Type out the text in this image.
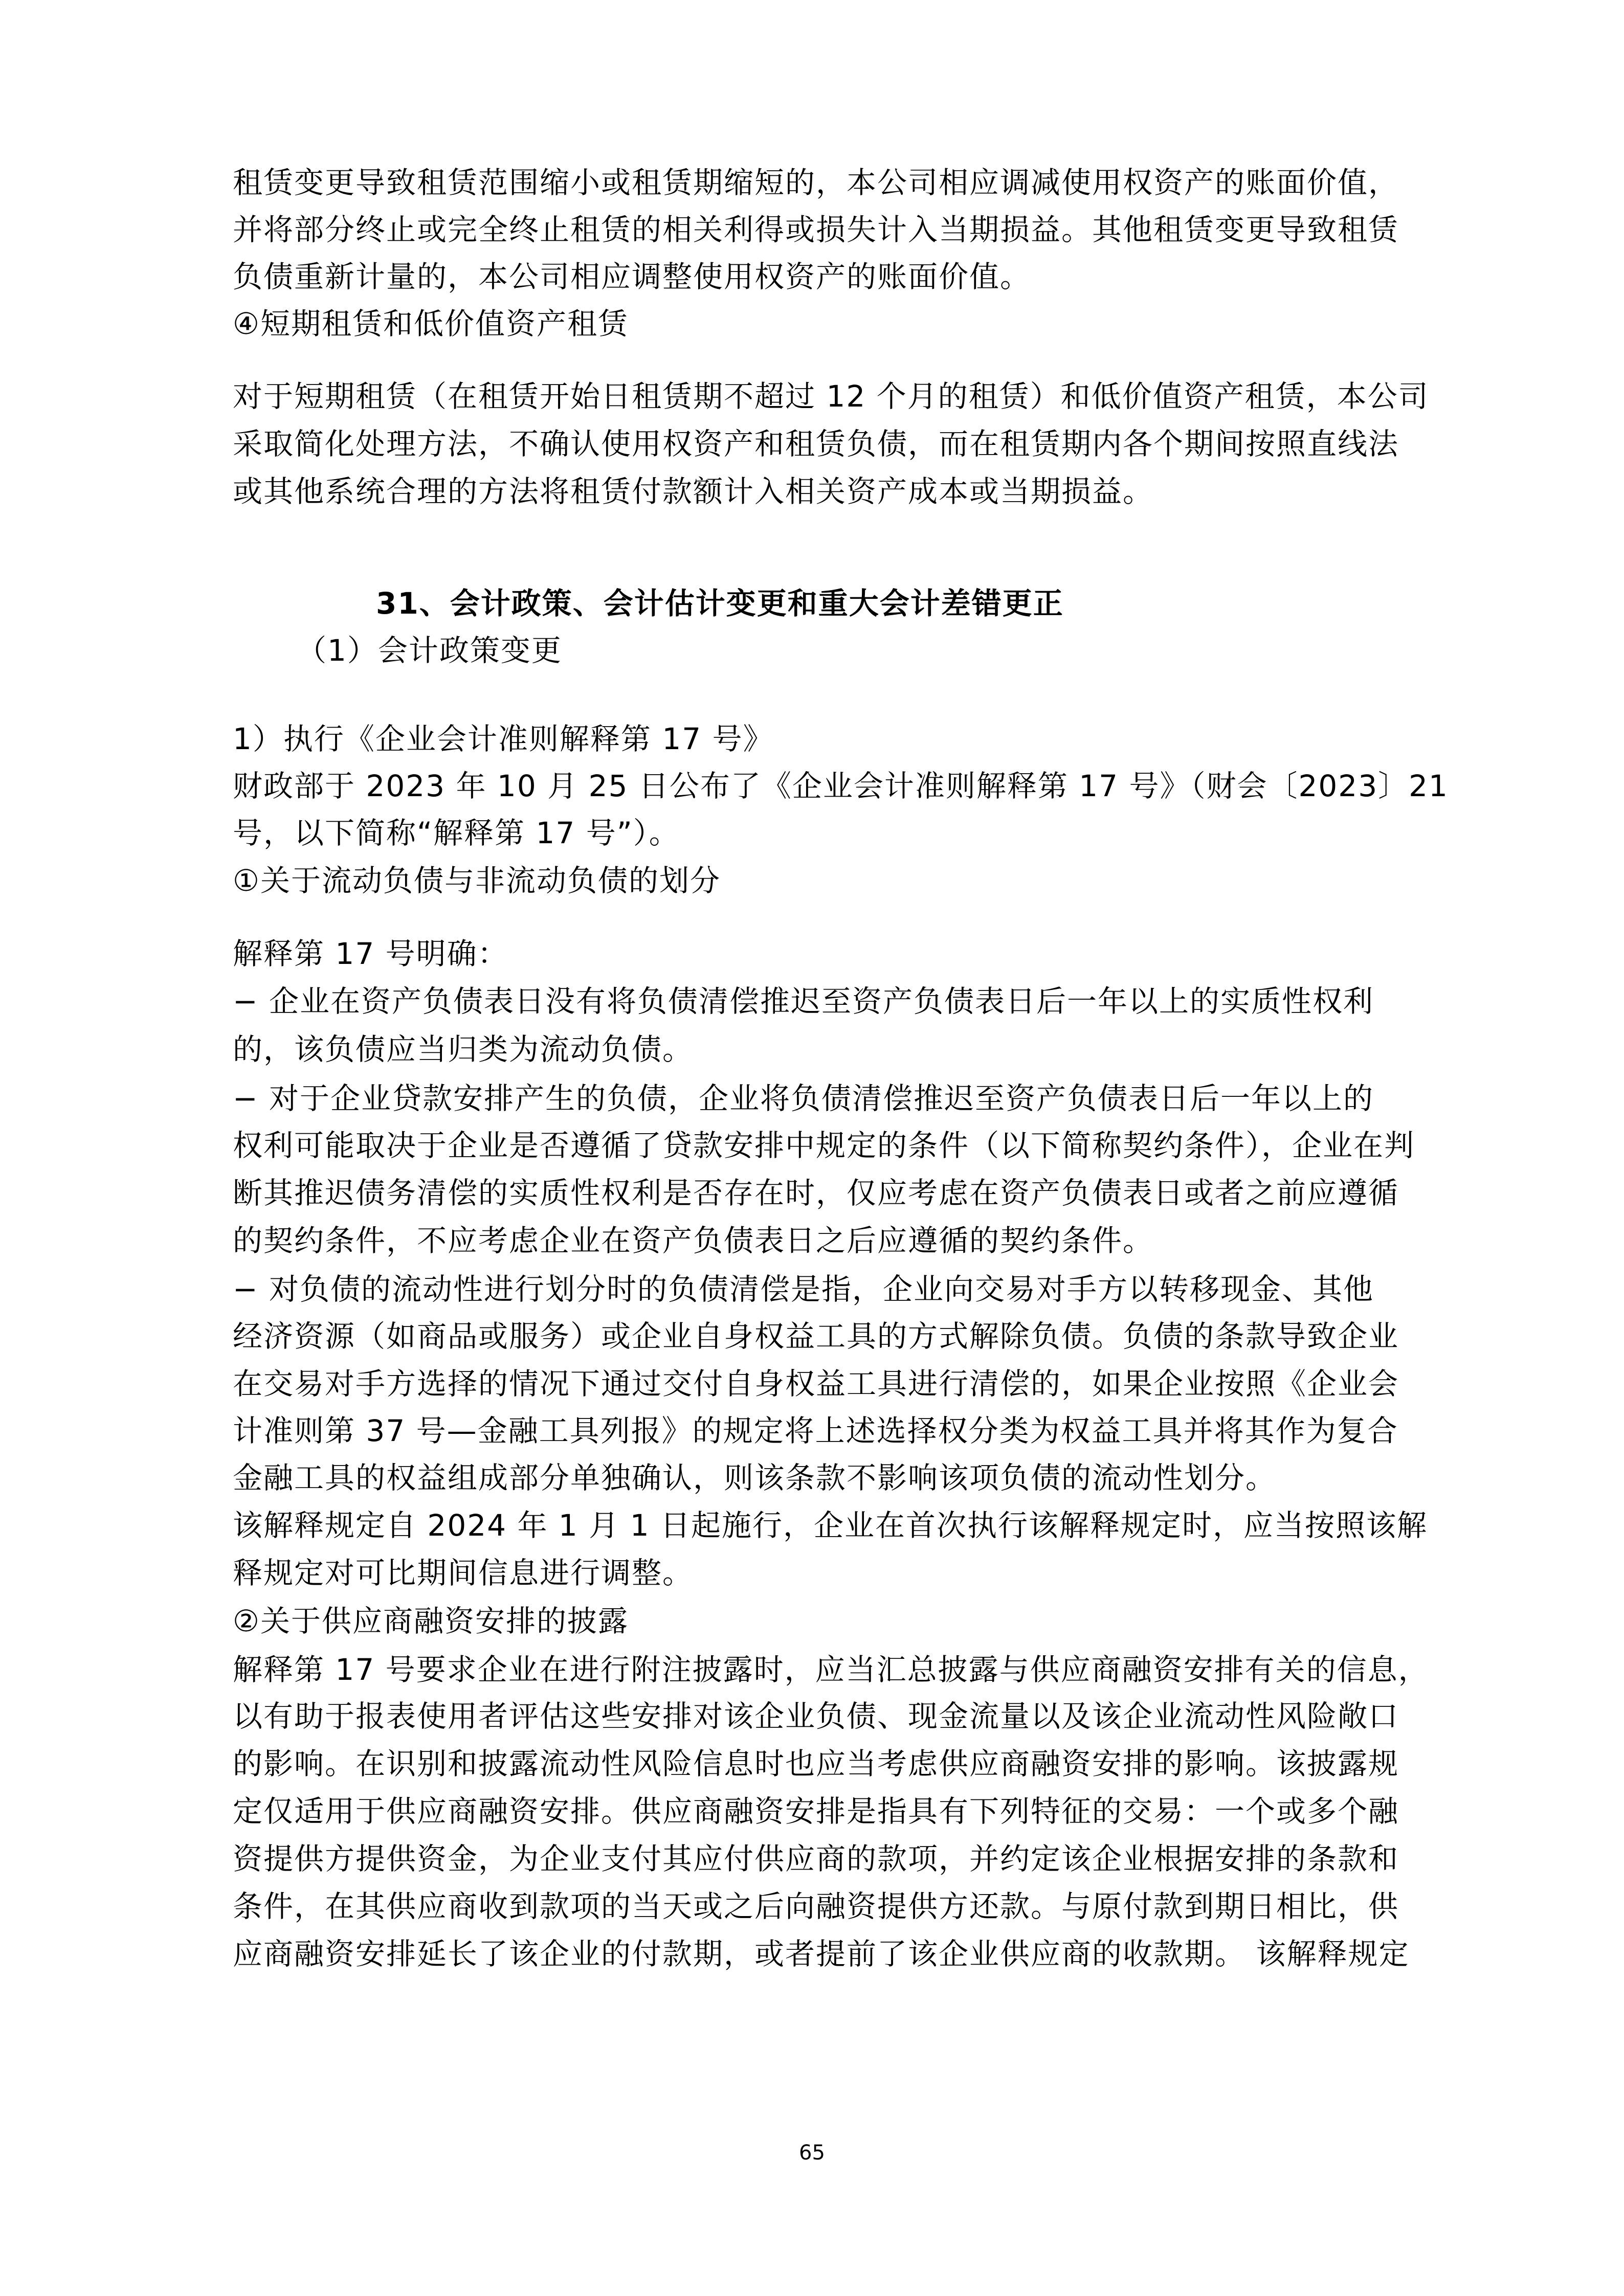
租赁变更导致租赁范围缩小或租赁期缩短的，本公司相应调减使用权资产的账面价值，
并将部分终止或完全终止租赁的相关利得或损失计入当期损益。其他租赁变更导致租赁
负债重新计量的，本公司相应调整使用权资产的账面价值。
④短期租赁和低价值资产租赁
对于短期租赁（在租赁开始日租赁期不超过 12 个月的租赁）和低价值资产租赁，本公司
采取简化处理方法，不确认使用权资产和租赁负债，而在租赁期内各个期间按照直线法
或其他系统合理的方法将租赁付款额计入相关资产成本或当期损益。
31、会计政策、会计估计变更和重大会计差错更正
（1）会计政策变更
1）执行《企业会计准则解释第 17 号》
财政部于 2023 年 10 月 25 日公布了《企业会计准则解释第 17 号》（财会〔2023〕21
号，以下简称“解释第 17 号”）。
①关于流动负债与非流动负债的划分
解释第 17 号明确：
− 企业在资产负债表日没有将负债清偿推迟至资产负债表日后一年以上的实质性权利
的，该负债应当归类为流动负债。
− 对于企业贷款安排产生的负债，企业将负债清偿推迟至资产负债表日后一年以上的
权利可能取决于企业是否遵循了贷款安排中规定的条件（以下简称契约条件），企业在判
断其推迟债务清偿的实质性权利是否存在时，仅应考虑在资产负债表日或者之前应遵循
的契约条件，不应考虑企业在资产负债表日之后应遵循的契约条件。
− 对负债的流动性进行划分时的负债清偿是指，企业向交易对手方以转移现金、其他
经济资源（如商品或服务）或企业自身权益工具的方式解除负债。负债的条款导致企业
在交易对手方选择的情况下通过交付自身权益工具进行清偿的，如果企业按照《企业会
计准则第 37 号—金融工具列报》的规定将上述选择权分类为权益工具并将其作为复合
金融工具的权益组成部分单独确认，则该条款不影响该项负债的流动性划分。
该解释规定自 2024 年 1 月 1 日起施行，企业在首次执行该解释规定时，应当按照该解
释规定对可比期间信息进行调整。
②关于供应商融资安排的披露
解释第 17 号要求企业在进行附注披露时，应当汇总披露与供应商融资安排有关的信息，
以有助于报表使用者评估这些安排对该企业负债、现金流量以及该企业流动性风险敞口
的影响。在识别和披露流动性风险信息时也应当考虑供应商融资安排的影响。该披露规
定仅适用于供应商融资安排。供应商融资安排是指具有下列特征的交易：一个或多个融
资提供方提供资金，为企业支付其应付供应商的款项，并约定该企业根据安排的条款和
条件，在其供应商收到款项的当天或之后向融资提供方还款。与原付款到期日相比，供
应商融资安排延长了该企业的付款期，或者提前了该企业供应商的收款期。 该解释规定
65
